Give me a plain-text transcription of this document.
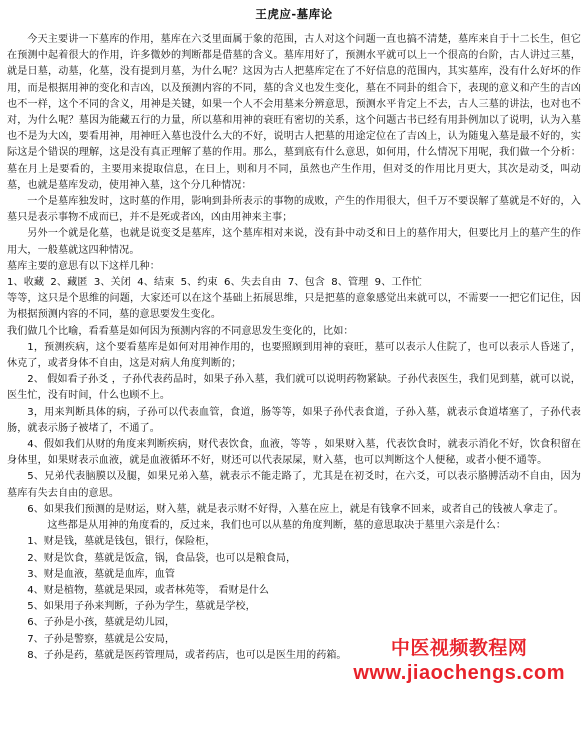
王虎应-墓库论

今天主要讲一下墓库的作用，墓库在六爻里面属于象的范围，古人对这个问题一直也搞不清楚，墓库来自于十二长生，但它在预测中起着很大的作用，许多微妙的判断都是借墓的含义。墓库用好了，预测水平就可以上一个很高的台阶，古人讲过三墓，就是日墓，动墓，化墓，没有提到月墓，为什么呢？这因为古人把墓库定在了不好信息的范围内，其实墓库，没有什么好坏的作用，而是根据用神的变化和吉凶，以及预测内容的不同，墓的含义也发生变化，墓在不同卦的组合下，表现的意义和产生的吉凶也不一样，这个不同的含义，用神是关键，如果一个人不会用墓来分辨意思，预测水平肯定上不去，古人三墓的讲法，也对也不对，为什么呢？墓因为能藏五行的力量，所以墓和用神的衰旺有密切的关系，这个问题古书已经有用卦例加以了说明，认为入墓也不是为大凶，要看用神，用神旺入墓也没什么大的不好，说明古人把墓的用途定位在了吉凶上，认为随鬼入墓是最不好的，实际这是个错误的理解，这是没有真正理解了墓的作用。那么，墓到底有什么意思，如何用，什么情况下用呢，我们做一个分析：墓在月上是要看的，主要用来提取信息，在日上，则和月不同，虽然也产生作用，但对爻的作用比月更大，其次是动爻，叫动墓，也就是墓库发动，使用神入墓，这个分几种情况：

一个是墓库独发时，这时墓的作用，影响到卦所表示的事物的成败，产生的作用很大，但千万不要误解了墓就是不好的，入墓只是表示事物不成而已，并不是死或者凶，凶由用神来主事；

另外一个就是化墓，也就是说变爻是墓库，这个墓库相对来说，没有卦中动爻和日上的墓作用大，但要比月上的墓产生的作用大，一般墓就这四种情况。

墓库主要的意思有以下这样几种：

1、收藏 2、藏匿 3、关闭 4、结束 5、约束 6、失去自由 7、包含 8、管理 9、工作忙

等等，这只是个思维的问题，大家还可以在这个基础上拓展思维，只是把墓的意象感觉出来就可以，不需要一一把它们记住，因为根据预测内容的不同，墓的意思要发生变化。

我们做几个比喻，看看墓是如何因为预测内容的不同意思发生变化的，比如：

1，预测疾病，这个要看墓库是如何对用神作用的，也要照顾到用神的衰旺，墓可以表示人住院了，也可以表示人昏迷了，休克了，或者身体不自由，这是对病人角度判断的；

2、 假如看子孙爻 ，子孙代表药品时，如果子孙入墓，我们就可以说明药物紧缺。子孙代表医生，我们见到墓，就可以说，医生忙，没有时间，什么也顾不上。

3，用来判断具体的病，子孙可以代表血管，食道，肠等等，如果子孙代表食道，子孙入墓，就表示食道堵塞了，子孙代表肠，就表示肠子被堵了，不通了。

4、假如我们从财的角度来判断疾病，财代表饮食，血液，等等 ，如果财入墓，代表饮食时，就表示消化不好，饮食积留在身体里，如果财表示血液，就是血液循环不好，财还可以代表尿屎，财入墓，也可以判断这个人便秘，或者小便不通等。

5、兄弟代表脑膜以及腿，如果兄弟入墓，就表示不能走路了，尤其是在初爻时，在六爻，可以表示胳膊活动不自由，因为墓库有失去自由的意思。

6、如果我们预测的是财运，财入墓，就是表示财不好得，入墓在应上，就是有钱拿不回来，或者自己的钱被人拿走了。

这些都是从用神的角度看的，反过来，我们也可以从墓的角度判断，墓的意思取决于墓里六亲是什么：

1、财是钱，墓就是钱包，银行，保险柜，

2、财是饮食，墓就是饭盒，锅，食品袋，也可以是粮食局，

3、财是血液，墓就是血库，血管

4、财是植物，墓就是果园，或者林苑等， 看财是什么

5、如果用子孙来判断，子孙为学生，墓就是学校，

6、子孙是小孩，墓就是幼儿园，

7、子孙是警察，墓就是公安局，

8、子孙是药，墓就是医药管理局，或者药店，也可以是医生用的药箱。	中医视频教程网
www.jiaochengs.com
